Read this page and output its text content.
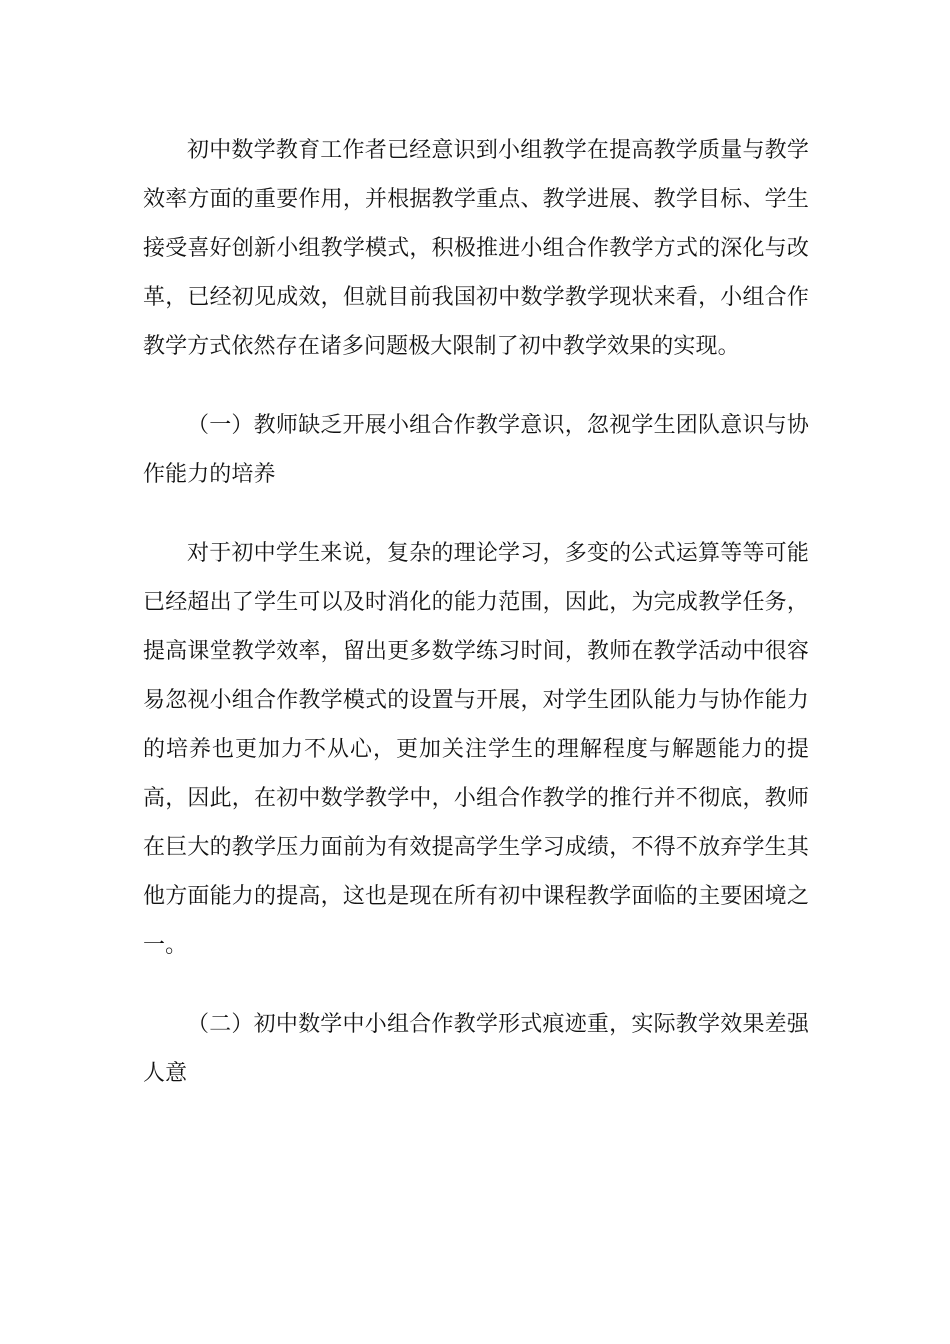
初中数学教育工作者已经意识到小组教学在提高教学质量与教学效率方面的重要作用，并根据教学重点、教学进展、教学目标、学生接受喜好创新小组教学模式，积极推进小组合作教学方式的深化与改革，已经初见成效，但就目前我国初中数学教学现状来看，小组合作教学方式依然存在诸多问题极大限制了初中教学效果的实现。

（一）教师缺乏开展小组合作教学意识，忽视学生团队意识与协作能力的培养

对于初中学生来说，复杂的理论学习，多变的公式运算等等可能已经超出了学生可以及时消化的能力范围，因此，为完成教学任务，提高课堂教学效率，留出更多数学练习时间，教师在教学活动中很容易忽视小组合作教学模式的设置与开展，对学生团队能力与协作能力的培养也更加力不从心，更加关注学生的理解程度与解题能力的提高，因此，在初中数学教学中，小组合作教学的推行并不彻底，教师在巨大的教学压力面前为有效提高学生学习成绩，不得不放弃学生其他方面能力的提高，这也是现在所有初中课程教学面临的主要困境之一。

（二）初中数学中小组合作教学形式痕迹重，实际教学效果差强人意
